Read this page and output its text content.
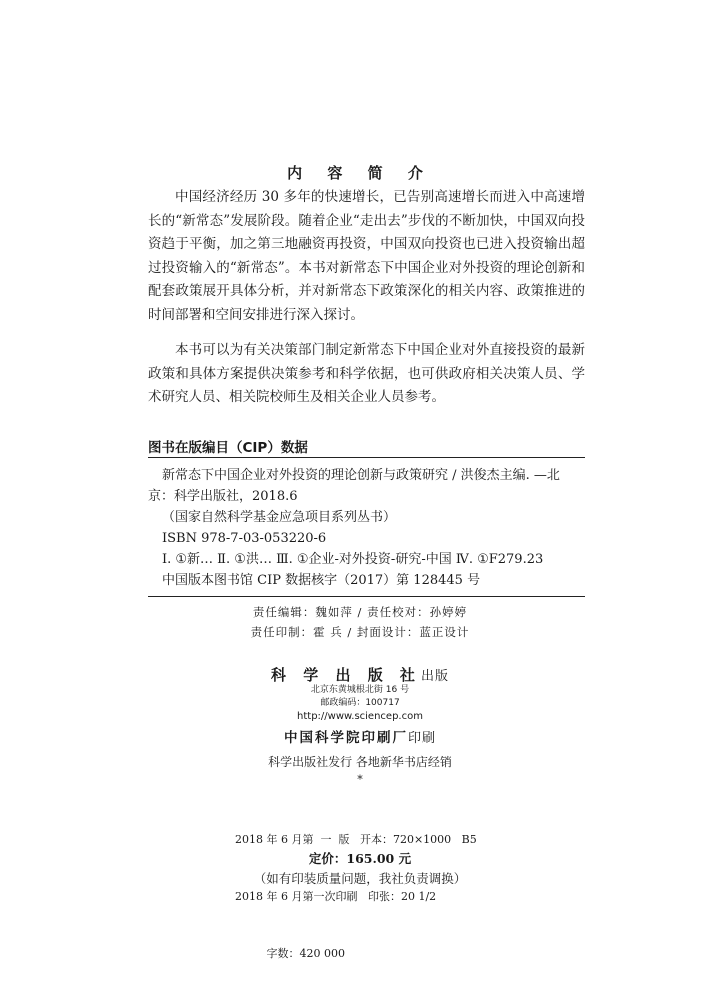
内 容 简 介

中国经济经历 30 多年的快速增长，已告别高速增长而进入中高速增长的“新常态”发展阶段。随着企业“走出去”步伐的不断加快，中国双向投资趋于平衡，加之第三地融资再投资，中国双向投资也已进入投资输出超过投资输入的“新常态”。本书对新常态下中国企业对外投资的理论创新和配套政策展开具体分析，并对新常态下政策深化的相关内容、政策推进的时间部署和空间安排进行深入探讨。

本书可以为有关决策部门制定新常态下中国企业对外直接投资的最新政策和具体方案提供决策参考和科学依据，也可供政府相关决策人员、学术研究人员、相关院校师生及相关企业人员参考。

图书在版编目（CIP）数据
新常态下中国企业对外投资的理论创新与政策研究 / 洪俊杰主编. —北
京：科学出版社，2018.6
（国家自然科学基金应急项目系列丛书）
ISBN 978-7-03-053220-6
Ⅰ. ①新… Ⅱ. ①洪… Ⅲ. ①企业-对外投资-研究-中国 Ⅳ. ①F279.23
中国版本图书馆 CIP 数据核字（2017）第 128445 号
责任编辑：魏如萍 / 责任校对：孙婷婷
责任印制：霍 兵 / 封面设计：蓝正设计
科 学 出 版 社出版
北京东黄城根北街 16 号
邮政编码：100717
http://www.sciencep.com
中国科学院印刷厂印刷
科学出版社发行 各地新华书店经销
*

2018 年 6 月第  一  版   开本：720×1000   B5

2018 年 6 月第一次印刷   印张：20 1/2

字数：420 000

定价：165.00 元
（如有印装质量问题，我社负责调换）
